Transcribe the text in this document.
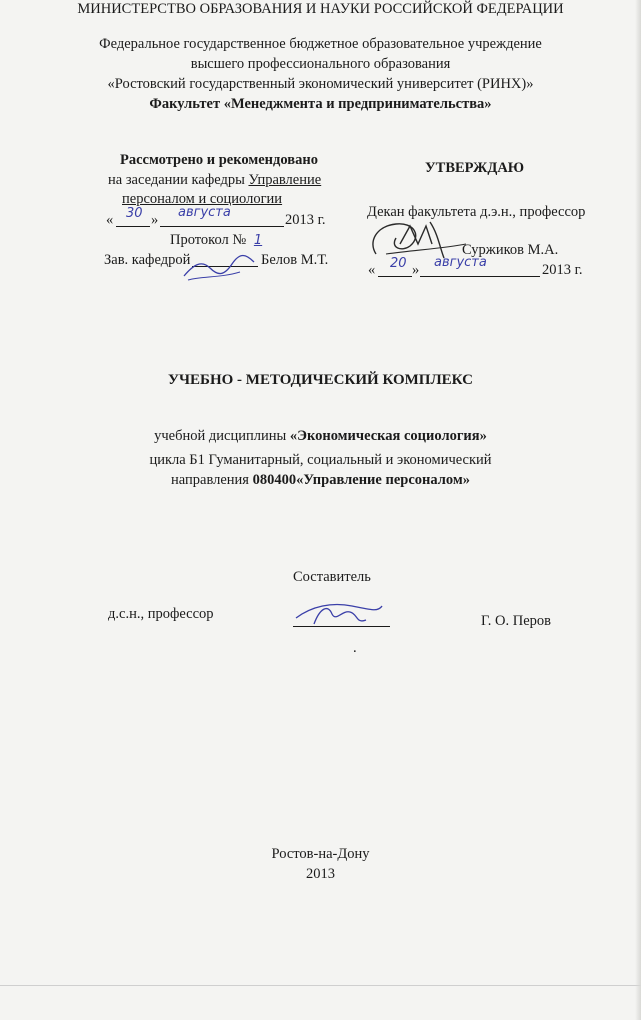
МИНИСТЕРСТВО ОБРАЗОВАНИЯ И НАУКИ РОССИЙСКОЙ ФЕДЕРАЦИИ
Федеральное государственное бюджетное образовательное учреждение
высшего профессионального образования
«Ростовский государственный экономический университет (РИНХ)»
Факультет «Менеджмента и предпринимательства»
Рассмотрено и рекомендовано
на заседании кафедры Управление
персоналом и социологии
« 30 » августа	2013 г.
Протокол № 1
Зав. кафедрой	Белов М.Т.
УТВЕРЖДАЮ
Декан факультета д.э.н., профессор
Суржиков М.А.
« 20 » августа	2013 г.
УЧЕБНО - МЕТОДИЧЕСКИЙ КОМПЛЕКС
учебной дисциплины «Экономическая социология»
цикла Б1 Гуманитарный, социальный и экономический
направления 080400«Управление персоналом»
Составитель
д.с.н., профессор	Г. О. Перов
.
Ростов-на-Дону
2013
